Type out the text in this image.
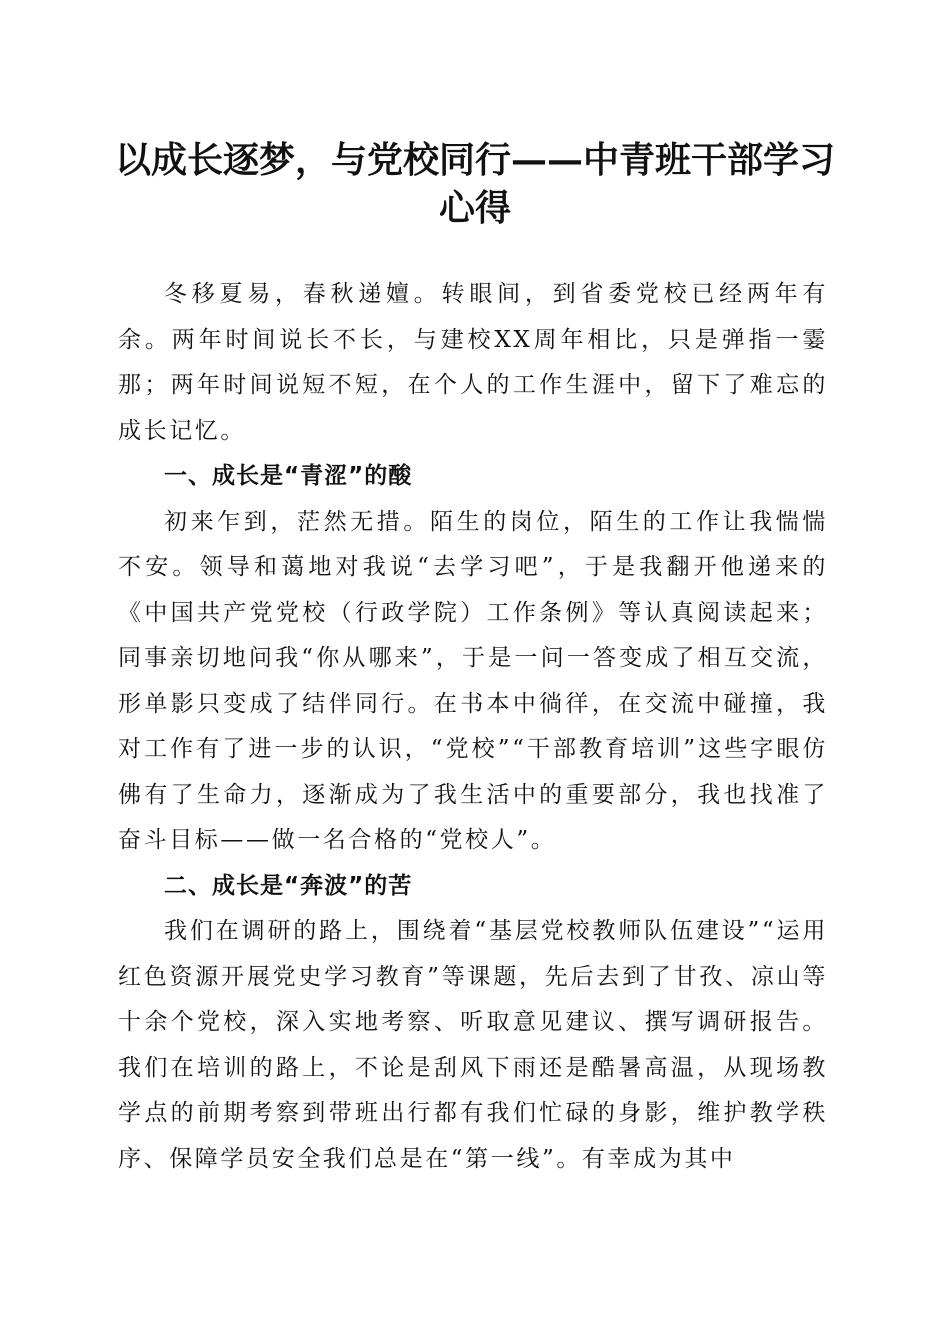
以成长逐梦，与党校同行——中青班干部学习
心得

冬移夏易，春秋递嬗。转眼间，到省委党校已经两年有余。两年时间说长不长，与建校XX周年相比，只是弹指一霎那；两年时间说短不短，在个人的工作生涯中，留下了难忘的成长记忆。

一、成长是“青涩”的酸

初来乍到，茫然无措。陌生的岗位，陌生的工作让我惴惴不安。领导和蔼地对我说“去学习吧”，于是我翻开他递来的《中国共产党党校（行政学院）工作条例》等认真阅读起来；同事亲切地问我“你从哪来”，于是一问一答变成了相互交流，形单影只变成了结伴同行。在书本中徜徉，在交流中碰撞，我对工作有了进一步的认识，“党校”“干部教育培训”这些字眼仿佛有了生命力，逐渐成为了我生活中的重要部分，我也找准了奋斗目标——做一名合格的“党校人”。

二、成长是“奔波”的苦

我们在调研的路上，围绕着“基层党校教师队伍建设”“运用红色资源开展党史学习教育”等课题，先后去到了甘孜、凉山等十余个党校，深入实地考察、听取意见建议、撰写调研报告。我们在培训的路上，不论是刮风下雨还是酷暑高温，从现场教学点的前期考察到带班出行都有我们忙碌的身影，维护教学秩序、保障学员安全我们总是在“第一线”。有幸成为其中
